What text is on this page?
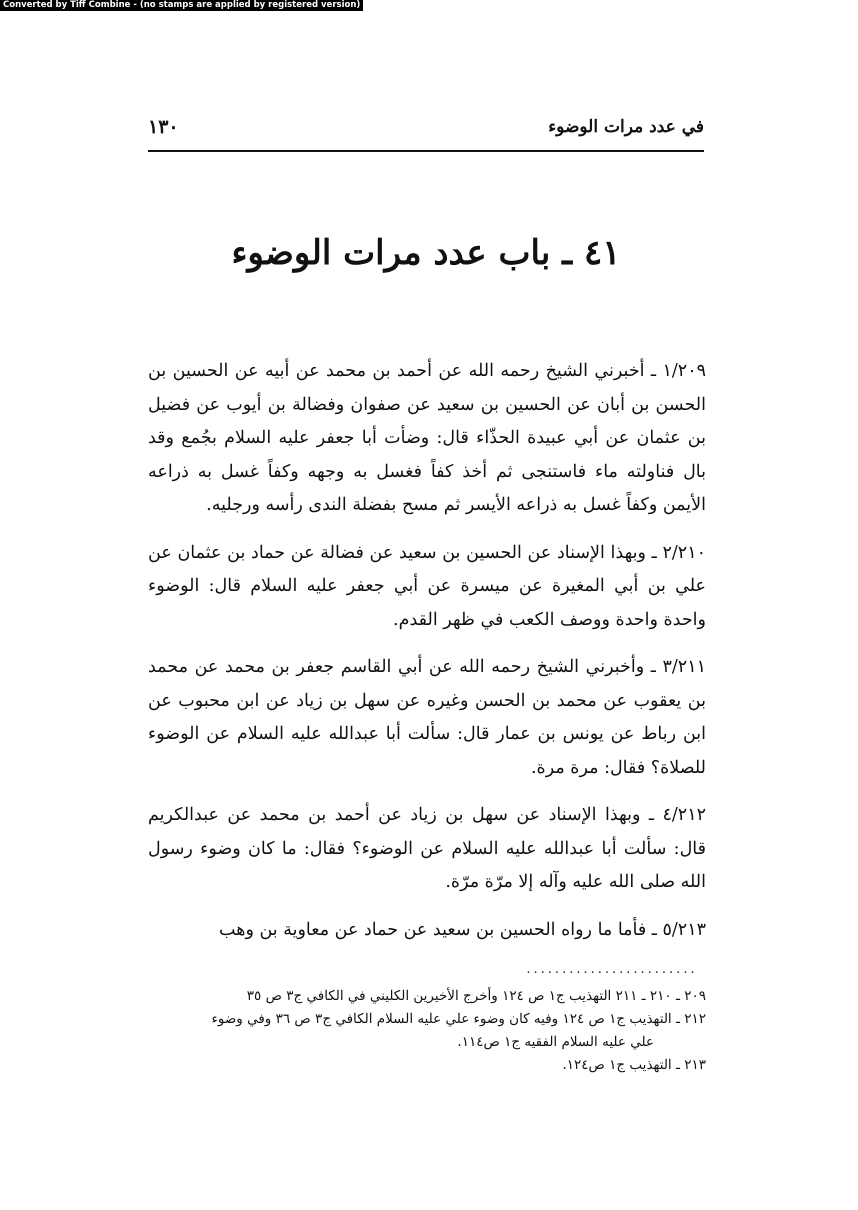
Converted by Tiff Combine - (no stamps are applied by registered version)
١٣٠	في عدد مرات الوضوء
٤١ ـ باب عدد مرات الوضوء

١/٢٠٩ ـ أخبرني الشيخ رحمه الله عن أحمد بن محمد عن أبيه عن الحسين بن الحسن بن أبان عن الحسين بن سعيد عن صفوان وفضالة بن أيوب عن فضيل بن عثمان عن أبي عبيدة الحذّاء قال: وضأت أبا جعفر عليه السلام بجُمع وقد بال فناولته ماء فاستنجى ثم أخذ كفاً فغسل به وجهه وكفاً غسل به ذراعه الأيمن وكفاً غسل به ذراعه الأيسر ثم مسح بفضلة الندى رأسه ورجليه.

٢/٢١٠ ـ وبهذا الإسناد عن الحسين بن سعيد عن فضالة عن حماد بن عثمان عن علي بن أبي المغيرة عن ميسرة عن أبي جعفر عليه السلام قال: الوضوء واحدة واحدة ووصف الكعب في ظهر القدم.

٣/٢١١ ـ وأخبرني الشيخ رحمه الله عن أبي القاسم جعفر بن محمد عن محمد بن يعقوب عن محمد بن الحسن وغيره عن سهل بن زياد عن ابن محبوب عن ابن رباط عن يونس بن عمار قال: سألت أبا عبدالله عليه السلام عن الوضوء للصلاة؟ فقال: مرة مرة.

٤/٢١٢ ـ وبهذا الإسناد عن سهل بن زياد عن أحمد بن محمد عن عبدالكريم قال: سألت أبا عبدالله عليه السلام عن الوضوء؟ فقال: ما كان وضوء رسول الله صلى الله عليه وآله إلا مرّة مرّة.

٥/٢١٣ ـ فأما ما رواه الحسين بن سعيد عن حماد عن معاوية بن وهب

........................

٢٠٩ ـ ٢١٠ ـ ٢١١ التهذيب ج١ ص ١٢٤ وأخرج الأخيرين الكليني في الكافي ج٣ ص ٣٥

٢١٢ ـ التهذيب ج١ ص ١٢٤ وفيه كان وضوء علي عليه السلام الكافي ج٣ ص ٣٦ وفي وضوء

علي عليه السلام الفقيه ج١ ص١١٤.

٢١٣ ـ التهذيب ج١ ص١٢٤.
